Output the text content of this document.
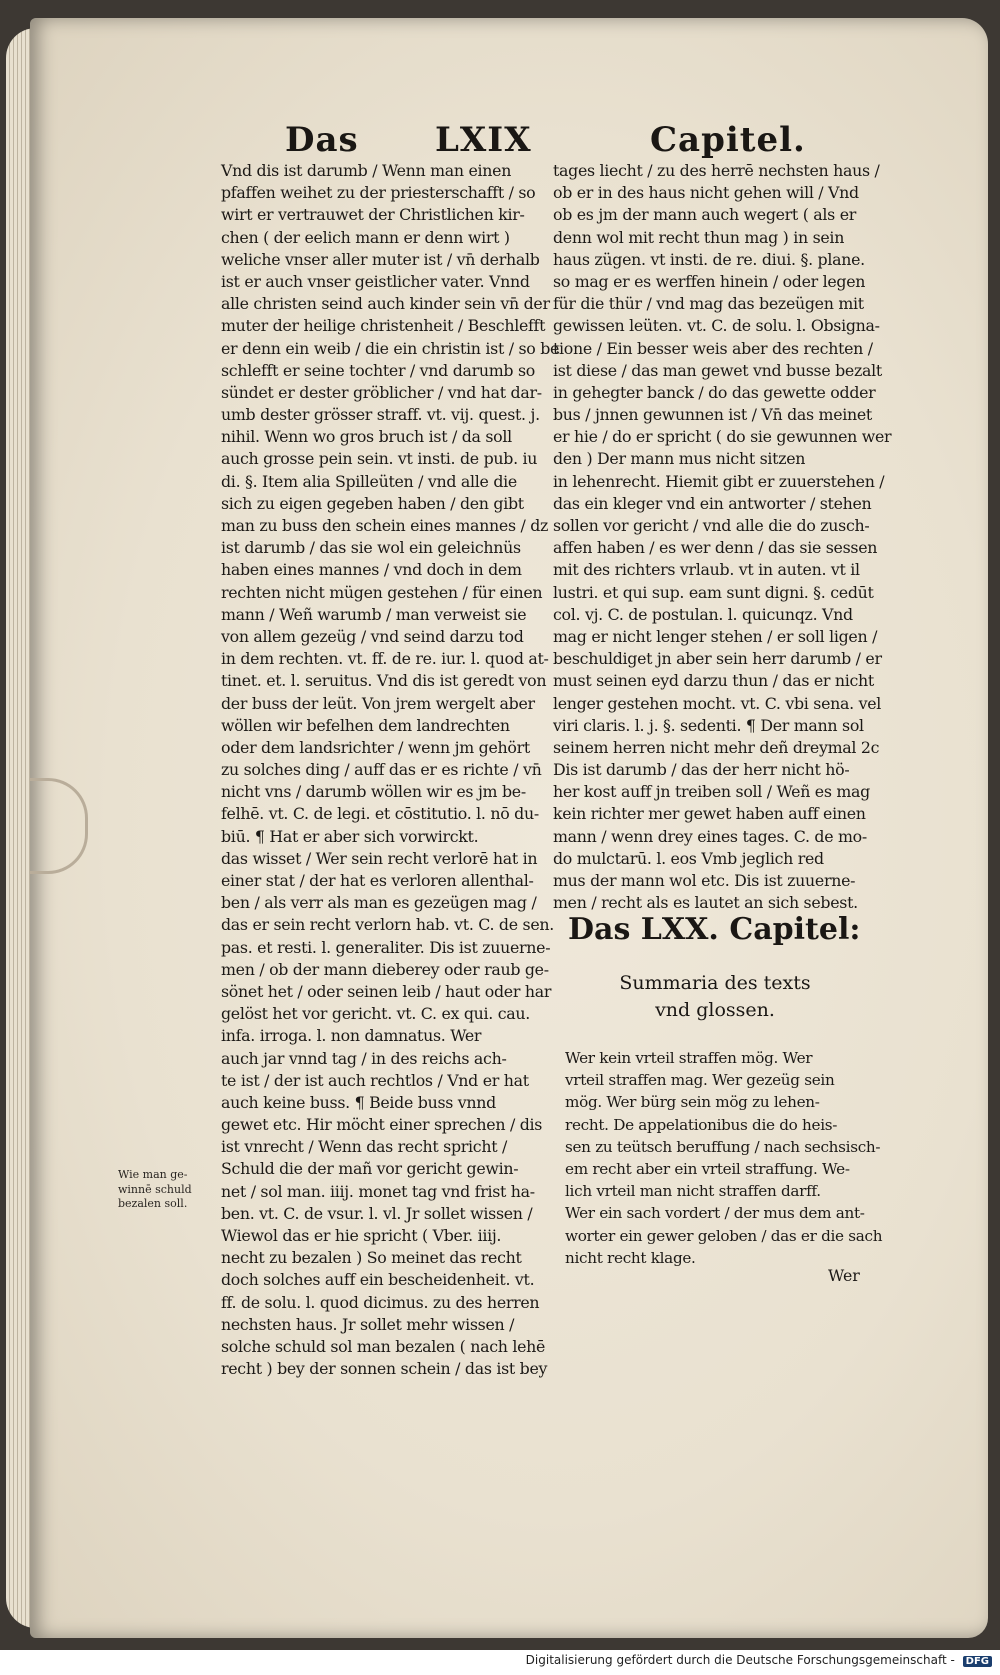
Das LXIX	Capitel.
Vnd dis ist darumb / Wenn man einen
pfaffen weihet zu der priesterschafft / so
wirt er vertrauwet der Christlichen kir-
chen ( der eelich mann er denn wirt )
weliche vnser aller muter ist / vn̄ derhalb
ist er auch vnser geistlicher vater. Vnnd
alle christen seind auch kinder sein vn̄ der
muter der heilige christenheit / Beschlefft
er denn ein weib / die ein christin ist / so be
schlefft er seine tochter / vnd darumb so
sündet er dester gröblicher / vnd hat dar-
umb dester grösser straff. vt. vij. quest. j.
nihil. Wenn wo gros bruch ist / da soll
auch grosse pein sein. vt insti. de pub. iu
di. §. Item alia Spilleüten / vnd alle die
sich zu eigen gegeben haben / den gibt
man zu buss den schein eines mannes / dz
ist darumb / das sie wol ein geleichnüs
haben eines mannes / vnd doch in dem
rechten nicht mügen gestehen / für einen
mann / Weñ warumb / man verweist sie
von allem gezeüg / vnd seind darzu tod
in dem rechten. vt. ff. de re. iur. l. quod at-
tinet. et. l. seruitus. Vnd dis ist geredt von
der buss der leüt. Von jrem wergelt aber
wöllen wir befelhen dem landrechten
oder dem landsrichter / wenn jm gehört
zu solches ding / auff das er es richte / vn̄
nicht vns / darumb wöllen wir es jm be-
felhē. vt. C. de legi. et cōstitutio. l. nō du-
biū. ¶ Hat er aber sich vorwirckt.
das wisset / Wer sein recht verlorē hat in
einer stat / der hat es verloren allenthal-
ben / als verr als man es gezeügen mag /
das er sein recht verlorn hab. vt. C. de sen.
pas. et resti. l. generaliter. Dis ist zuuerne-
men / ob der mann dieberey oder raub ge-
sönet het / oder seinen leib / haut oder har
gelöst het vor gericht. vt. C. ex qui. cau.
infa. irroga. l. non damnatus. Wer
auch jar vnnd tag / in des reichs ach-
te ist / der ist auch rechtlos / Vnd er hat
auch keine buss. ¶ Beide buss vnnd
gewet etc. Hir möcht einer sprechen / dis
ist vnrecht / Wenn das recht spricht /
Schuld die der mañ vor gericht gewin-
net / sol man. iiij. monet tag vnd frist ha-
ben. vt. C. de vsur. l. vl. Jr sollet wissen /
Wiewol das er hie spricht ( Vber. iiij.
necht zu bezalen ) So meinet das recht
doch solches auff ein bescheidenheit. vt.
ff. de solu. l. quod dicimus. zu des herren
nechsten haus. Jr sollet mehr wissen /
solche schuld sol man bezalen ( nach lehē
recht ) bey der sonnen schein / das ist bey
tages liecht / zu des herrē nechsten haus /
ob er in des haus nicht gehen will / Vnd
ob es jm der mann auch wegert ( als er
denn wol mit recht thun mag ) in sein
haus zügen. vt insti. de re. diui. §. plane.
so mag er es werffen hinein / oder legen
für die thür / vnd mag das bezeügen mit
gewissen leüten. vt. C. de solu. l. Obsigna-
tione / Ein besser weis aber des rechten /
ist diese / das man gewet vnd busse bezalt
in gehegter banck / do das gewette odder
bus / jnnen gewunnen ist / Vn̄ das meinet
er hie / do er spricht ( do sie gewunnen wer
den ) Der mann mus nicht sitzen
in lehenrecht. Hiemit gibt er zuuerstehen /
das ein kleger vnd ein antworter / stehen
sollen vor gericht / vnd alle die do zusch-
affen haben / es wer denn / das sie sessen
mit des richters vrlaub. vt in auten. vt il
lustri. et qui sup. eam sunt digni. §. cedūt
col. vj. C. de postulan. l. quicunqz. Vnd
mag er nicht lenger stehen / er soll ligen /
beschuldiget jn aber sein herr darumb / er
must seinen eyd darzu thun / das er nicht
lenger gestehen mocht. vt. C. vbi sena. vel
viri claris. l. j. §. sedenti. ¶ Der mann sol
seinem herren nicht mehr deñ dreymal 2c
Dis ist darumb / das der herr nicht hö-
her kost auff jn treiben soll / Weñ es mag
kein richter mer gewet haben auff einen
mann / wenn drey eines tages. C. de mo-
do mulctarū. l. eos Vmb jeglich red
mus der mann wol etc. Dis ist zuuerne-
men / recht als es lautet an sich sebest.
Wie man ge-
winnē schuld
bezalen soll.
Das LXX. Capitel:
Summaria des texts
vnd glossen.
Wer kein vrteil straffen mög. Wer
vrteil straffen mag. Wer gezeüg sein
mög. Wer bürg sein mög zu lehen-
recht. De appelationibus die do heis-
sen zu teütsch beruffung / nach sechsisch-
em recht aber ein vrteil straffung. We-
lich vrteil man nicht straffen darff.
Wer ein sach vordert / der mus dem ant-
worter ein gewer geloben / das er die sach
nicht recht klage.
Wer
Digitalisierung gefördert durch die Deutsche Forschungsgemeinschaft - DFG
